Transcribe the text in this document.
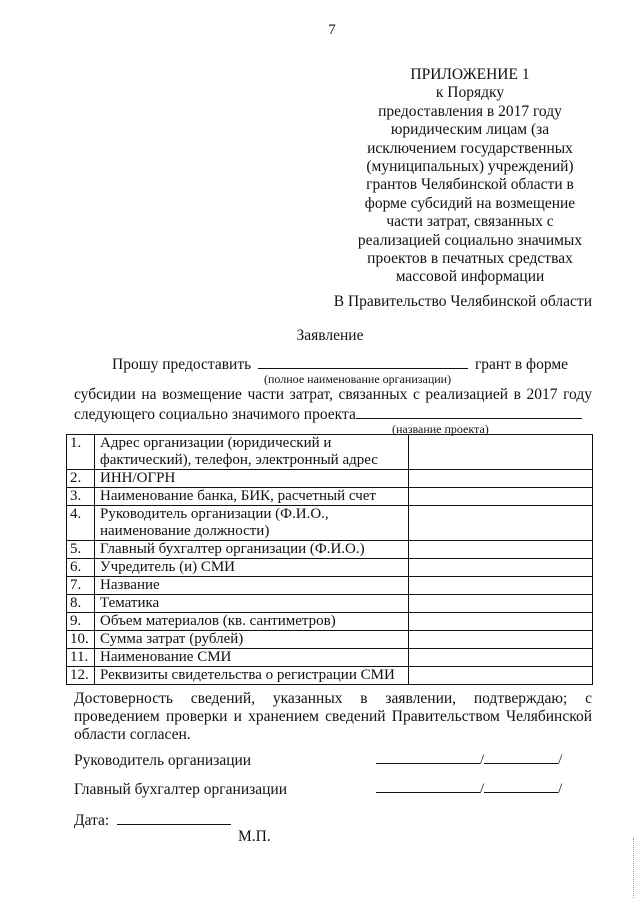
7
ПРИЛОЖЕНИЕ 1
к Порядку
предоставления в 2017 году
юридическим лицам (за
исключением государственных
(муниципальных) учреждений)
грантов Челябинской области в
форме субсидий на возмещение
части затрат, связанных с
реализацией социально значимых
проектов в печатных средствах
массовой информации
В Правительство Челябинской области
Заявление
Прошу предоставить	грант в форме
(полное наименование организации)
субсидии на возмещение части затрат, связанных с реализацией в 2017 году
следующего социально значимого проекта
(название проекта)
1.	Адрес организации (юридический и фактический), телефон, электронный адрес	
2.	ИНН/ОГРН	
3.	Наименование банка, БИК, расчетный счет	
4.	Руководитель организации (Ф.И.О., наименование должности)	
5.	Главный бухгалтер организации (Ф.И.О.)	
6.	Учредитель (и) СМИ	
7.	Название	
8.	Тематика	
9.	Объем материалов (кв. сантиметров)	
10.	Сумма затрат (рублей)	
11.	Наименование СМИ	
12.	Реквизиты свидетельства о регистрации СМИ	
Достоверность сведений, указанных в заявлении, подтверждаю; с
проведением проверки и хранением сведений Правительством Челябинской
области согласен.
Руководитель организации	/	/
Главный бухгалтер организации	/	/
Дата:
М.П.
